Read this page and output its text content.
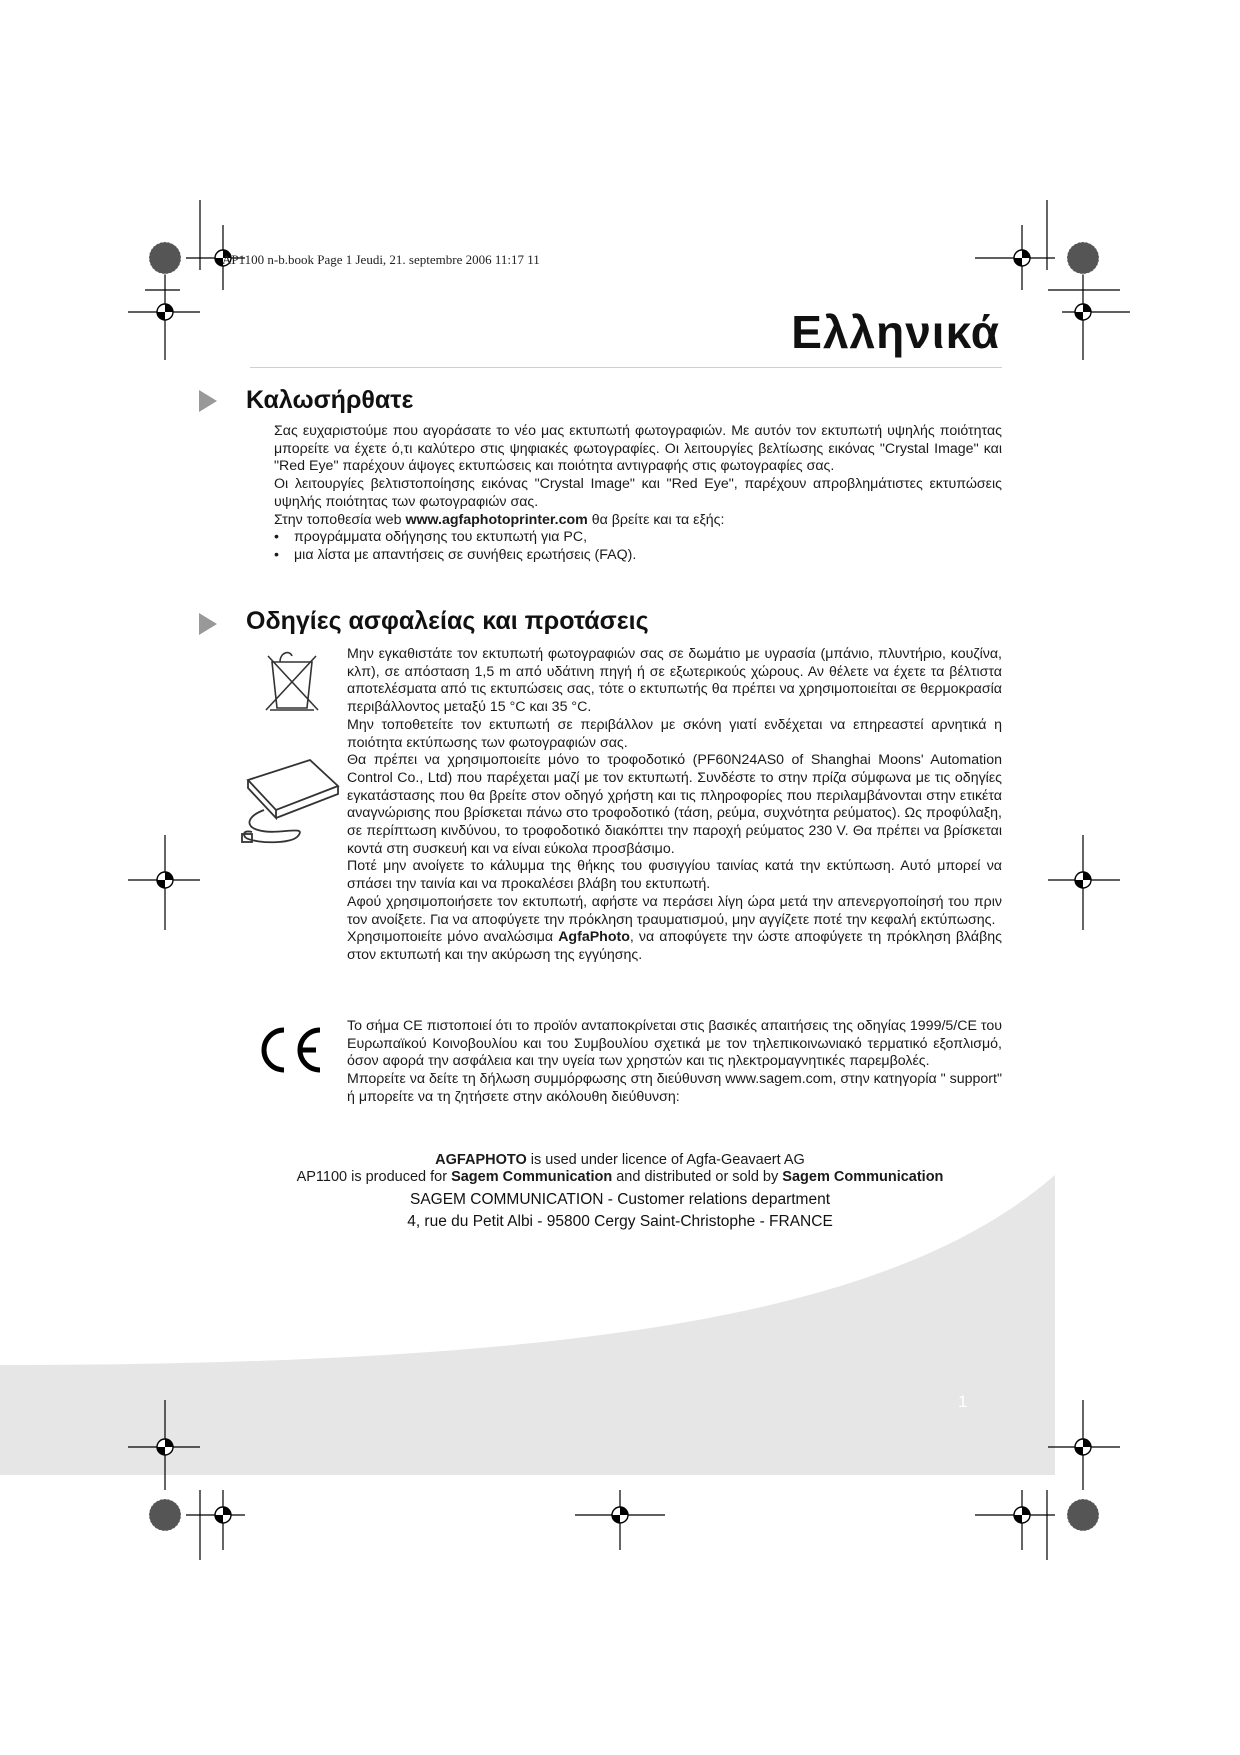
AP1100 n-b.book Page 1 Jeudi, 21. septembre 2006 11:17 11
Ελληνικά
Καλωσήρθατε

Σας ευχαριστούμε που αγοράσατε το νέο μας εκτυπωτή φωτογραφιών. Με αυτόν τον εκτυπωτή υψηλής ποιότητας μπορείτε να έχετε ό,τι καλύτερο στις ψηφιακές φωτογραφίες. Οι λειτουργίες βελτίωσης εικόνας "Crystal Image" και "Red Eye" παρέχουν άψογες εκτυπώσεις και ποιότητα αντιγραφής στις φωτογραφίες σας.

Οι λειτουργίες βελτιστοποίησης εικόνας "Crystal Image" και "Red Eye", παρέχουν απροβλημάτιστες εκτυπώσεις υψηλής ποιότητας των φωτογραφιών σας.

Στην τοποθεσία web www.agfaphotoprinter.com θα βρείτε και τα εξής:

• προγράμματα οδήγησης του εκτυπωτή για PC,
• μια λίστα με απαντήσεις σε συνήθεις ερωτήσεις (FAQ).
Οδηγίες ασφαλείας και προτάσεις

Μην εγκαθιστάτε τον εκτυπωτή φωτογραφιών σας σε δωμάτιο με υγρασία (μπάνιο, πλυντήριο, κουζίνα, κλπ), σε απόσταση 1,5 m από υδάτινη πηγή ή σε εξωτερικούς χώρους. Αν θέλετε να έχετε τα βέλτιστα αποτελέσματα από τις εκτυπώσεις σας, τότε ο εκτυπωτής θα πρέπει να χρησιμοποιείται σε θερμοκρασία περιβάλλοντος μεταξύ 15 °C και 35 °C.

Μην τοποθετείτε τον εκτυπωτή σε περιβάλλον με σκόνη γιατί ενδέχεται να επηρεαστεί αρνητικά η ποιότητα εκτύπωσης των φωτογραφιών σας.

Θα πρέπει να χρησιμοποιείτε μόνο το τροφοδοτικό (PF60N24AS0 of Shanghai Moons' Automation Control Co., Ltd) που παρέχεται μαζί με τον εκτυπωτή. Συνδέστε το στην πρίζα σύμφωνα με τις οδηγίες εγκατάστασης που θα βρείτε στον οδηγό χρήστη και τις πληροφορίες που περιλαμβάνονται στην ετικέτα αναγνώρισης που βρίσκεται πάνω στο τροφοδοτικό (τάση, ρεύμα, συχνότητα ρεύματος). Ως προφύλαξη, σε περίπτωση κινδύνου, το τροφοδοτικό διακόπτει την παροχή ρεύματος 230 V. Θα πρέπει να βρίσκεται κοντά στη συσκευή και να είναι εύκολα προσβάσιμο.

Ποτέ μην ανοίγετε το κάλυμμα της θήκης του φυσιγγίου ταινίας κατά την εκτύπωση. Αυτό μπορεί να σπάσει την ταινία και να προκαλέσει βλάβη του εκτυπωτή.

Αφού χρησιμοποιήσετε τον εκτυπωτή, αφήστε να περάσει λίγη ώρα μετά την απενεργοποίησή του πριν τον ανοίξετε. Για να αποφύγετε την πρόκληση τραυματισμού, μην αγγίζετε ποτέ την κεφαλή εκτύπωσης.

Χρησιμοποιείτε μόνο αναλώσιμα AgfaPhoto, να αποφύγετε την ώστε αποφύγετε τη πρόκληση βλάβης στον εκτυπωτή και την ακύρωση της εγγύησης.

Το σήμα CE πιστοποιεί ότι το προϊόν ανταποκρίνεται στις βασικές απαιτήσεις της οδηγίας 1999/5/CE του Ευρωπαϊκού Κοινοβουλίου και του Συμβουλίου σχετικά με τον τηλεπικοινωνιακό τερματικό εξοπλισμό, όσον αφορά την ασφάλεια και την υγεία των χρηστών και τις ηλεκτρομαγνητικές παρεμβολές.

Μπορείτε να δείτε τη δήλωση συμμόρφωσης στη διεύθυνση www.sagem.com, στην κατηγορία " support" ή μπορείτε να τη ζητήσετε στην ακόλουθη διεύθυνση:

AGFAPHOTO is used under licence of Agfa-Geavaert AG
AP1100 is produced for Sagem Communication and distributed or sold by Sagem Communication
SAGEM COMMUNICATION - Customer relations department
4, rue du Petit Albi - 95800 Cergy Saint-Christophe - FRANCE
1
